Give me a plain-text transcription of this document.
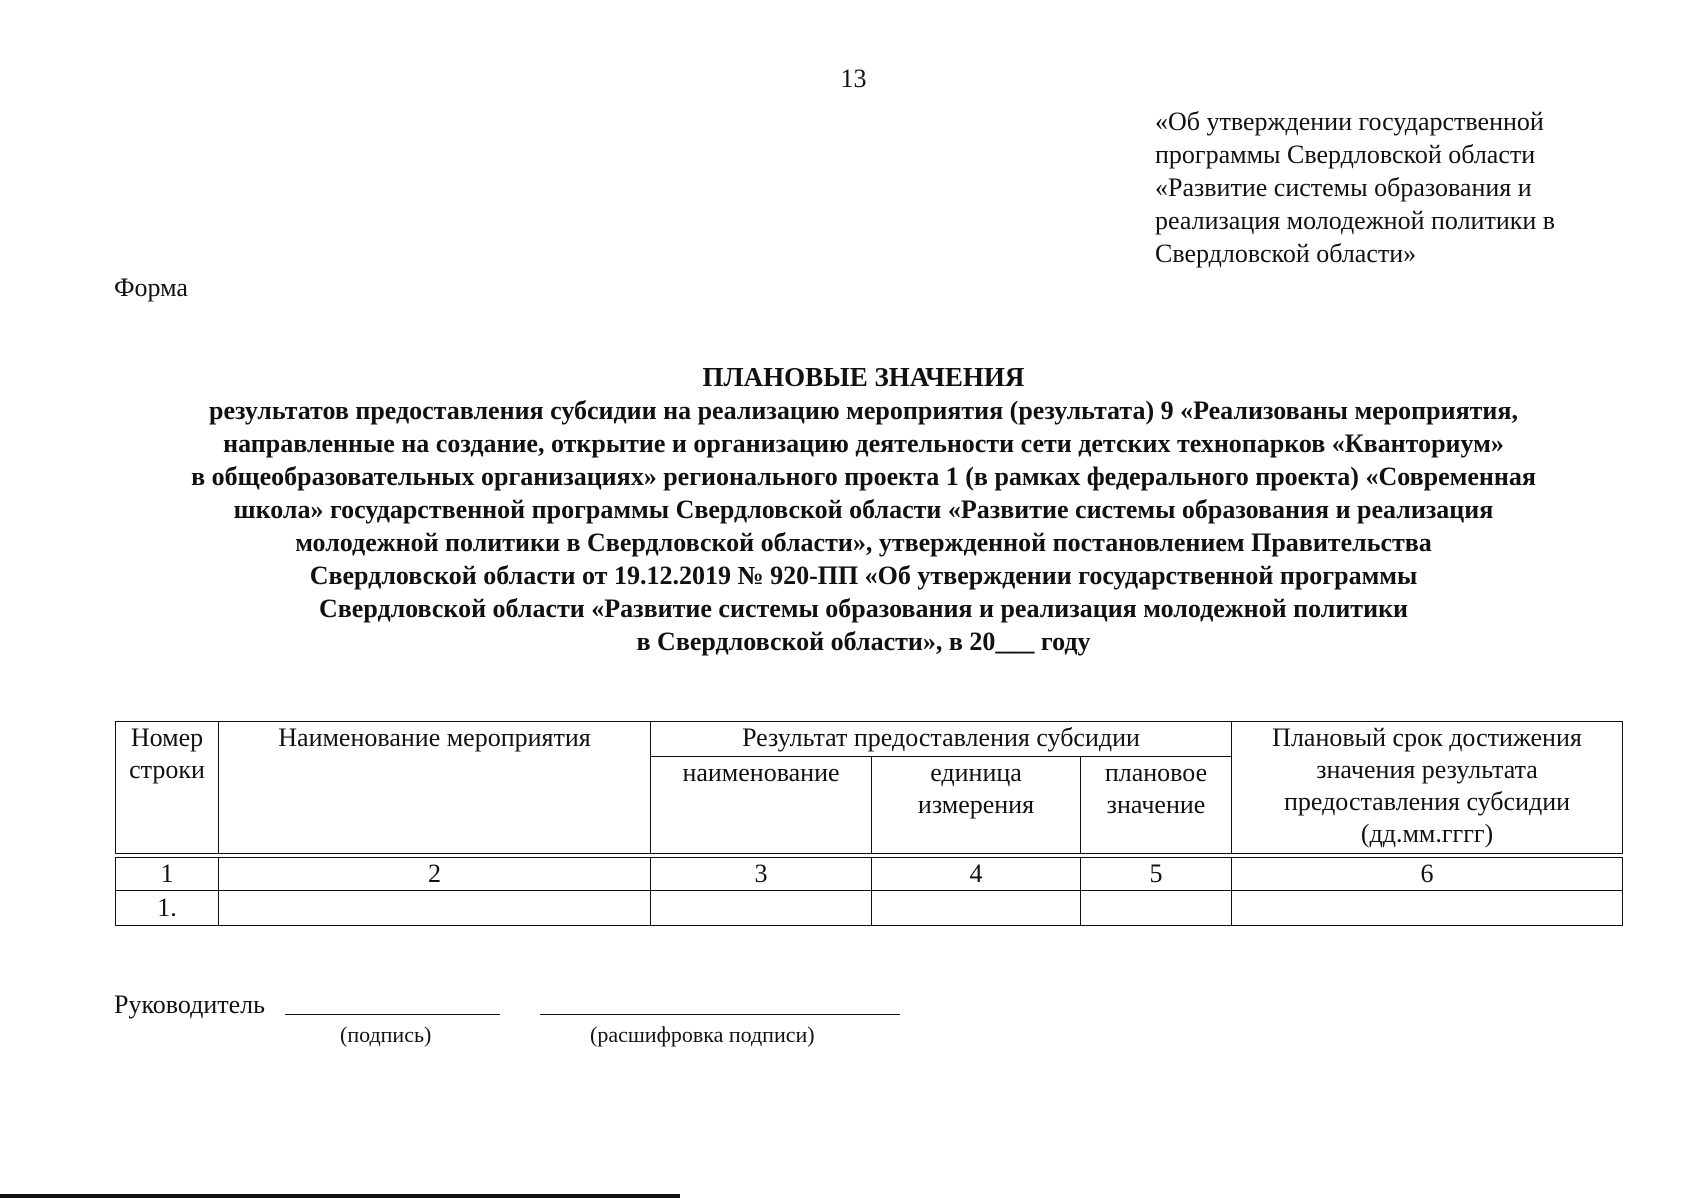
13
«Об утверждении государственной
программы Свердловской области
«Развитие системы образования и
реализация молодежной политики в
Свердловской области»
Форма
ПЛАНОВЫЕ ЗНАЧЕНИЯ
результатов предоставления субсидии на реализацию мероприятия (результата) 9 «Реализованы мероприятия,
направленные на создание, открытие и организацию деятельности сети детских технопарков «Кванториум»
в общеобразовательных организациях» регионального проекта 1 (в рамках федерального проекта) «Современная
школа» государственной программы Свердловской области «Развитие системы образования и реализация
молодежной политики в Свердловской области», утвержденной постановлением Правительства
Свердловской области от 19.12.2019 № 920-ПП «Об утверждении государственной программы
Свердловской области «Развитие системы образования и реализация молодежной политики
в Свердловской области», в 20___ году
Номер строки	Наименование мероприятия	Результат предоставления субсидии			Плановый срок достижения значения результата предоставления субсидии (дд.мм.гггг)
		наименование	единица измерения	плановое значение	

1	2	3	4	5	6
1.					
Руководитель
(подпись)	(расшифровка подписи)
